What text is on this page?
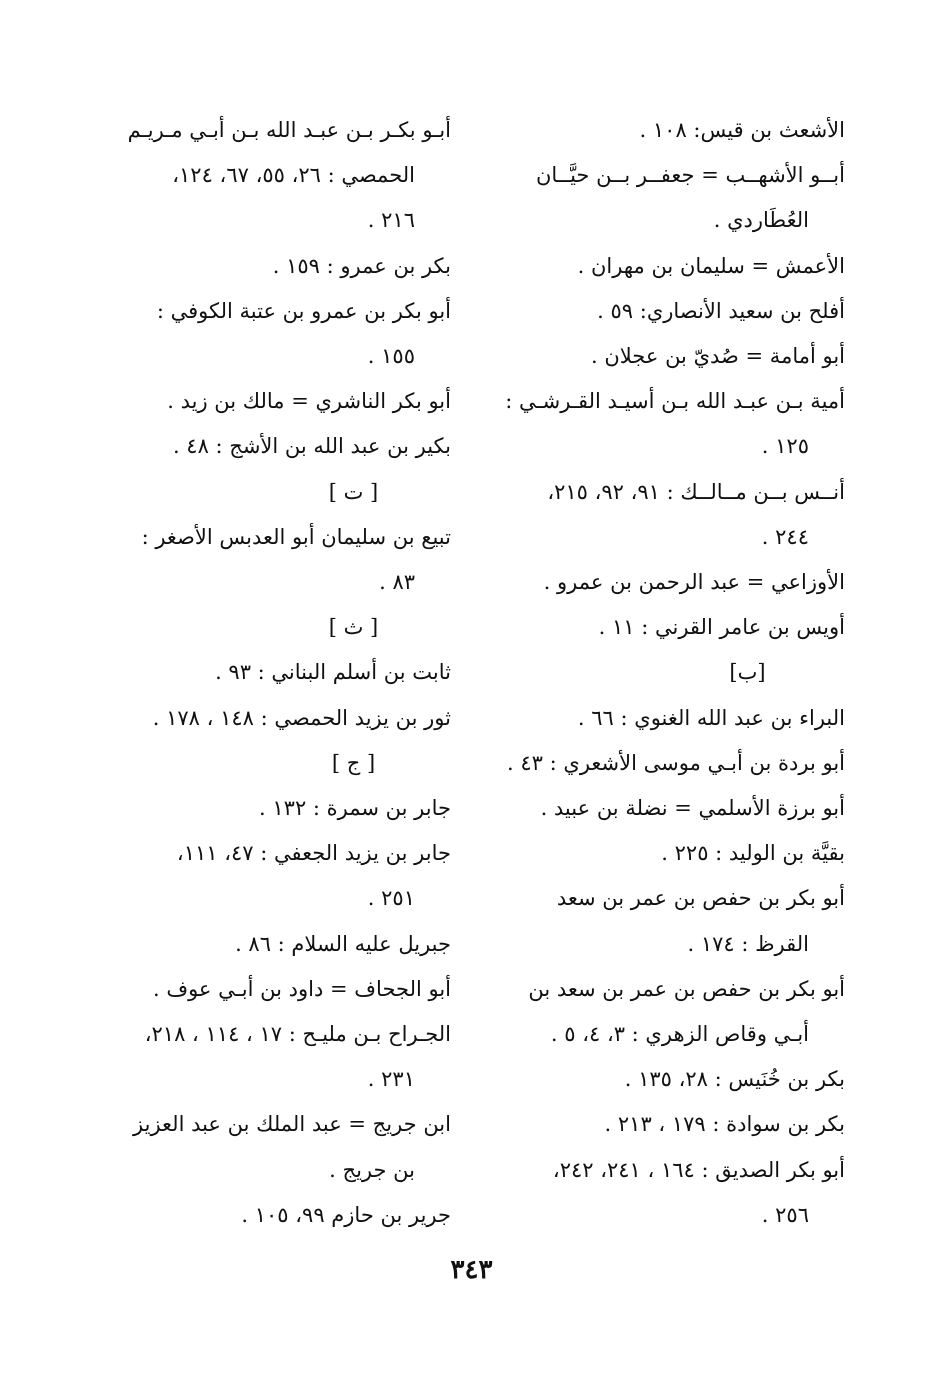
الأشعث بن قيس: ١٠٨ .
أبــو الأشهــب = جعفــر بــن حيَّــان
العُطَاردي .
الأعمش = سليمان بن مهران .
أفلح بن سعيد الأنصاري: ٥٩ .
أبو أمامة = صُديّ بن عجلان .
أمية بـن عبـد الله بـن أسيـد القـرشـي :
١٢٥ .
أنــس بــن مــالــك : ٩١، ٩٢، ٢١٥،
٢٤٤ .
الأوزاعي = عبد الرحمن بن عمرو .
أويس بن عامر القرني : ١١ .
[ب]
البراء بن عبد الله الغنوي : ٦٦ .
أبو بردة بن أبـي موسى الأشعري : ٤٣ .
أبو برزة الأسلمي = نضلة بن عبيد .
بقيَّة بن الوليد : ٢٢٥ .
أبو بكر بن حفص بن عمر بن سعد
القرظ : ١٧٤ .
أبو بكر بن حفص بن عمر بن سعد بن
أبـي وقاص الزهري : ٣، ٤، ٥ .
بكر بن خُنَيس : ٢٨، ١٣٥ .
بكر بن سوادة : ١٧٩ ، ٢١٣ .
أبو بكر الصديق : ١٦٤ ، ٢٤١، ٢٤٢،
٢٥٦ .
أبـو بكـر بـن عبـد الله بـن أبـي مـريـم
الحمصي : ٢٦، ٥٥، ٦٧، ١٢٤،
٢١٦ .
بكر بن عمرو : ١٥٩ .
أبو بكر بن عمرو بن عتبة الكوفي :
١٥٥ .
أبو بكر الناشري = مالك بن زيد .
بكير بن عبد الله بن الأشج : ٤٨ .
[ ت ]
تبيع بن سليمان أبو العدبس الأصغر :
٨٣ .
[ ث ]
ثابت بن أسلم البناني : ٩٣ .
ثور بن يزيد الحمصي : ١٤٨ ، ١٧٨ .
[ ج ]
جابر بن سمرة : ١٣٢ .
جابر بن يزيد الجعفي : ٤٧، ١١١،
٢٥١ .
جبريل عليه السلام : ٨٦ .
أبو الجحاف = داود بن أبـي عوف .
الجـراح بـن مليـح : ١٧ ، ١١٤ ، ٢١٨،
٢٣١ .
ابن جريج = عبد الملك بن عبد العزيز
بن جريج .
جرير بن حازم ٩٩، ١٠٥ .
٣٤٣
